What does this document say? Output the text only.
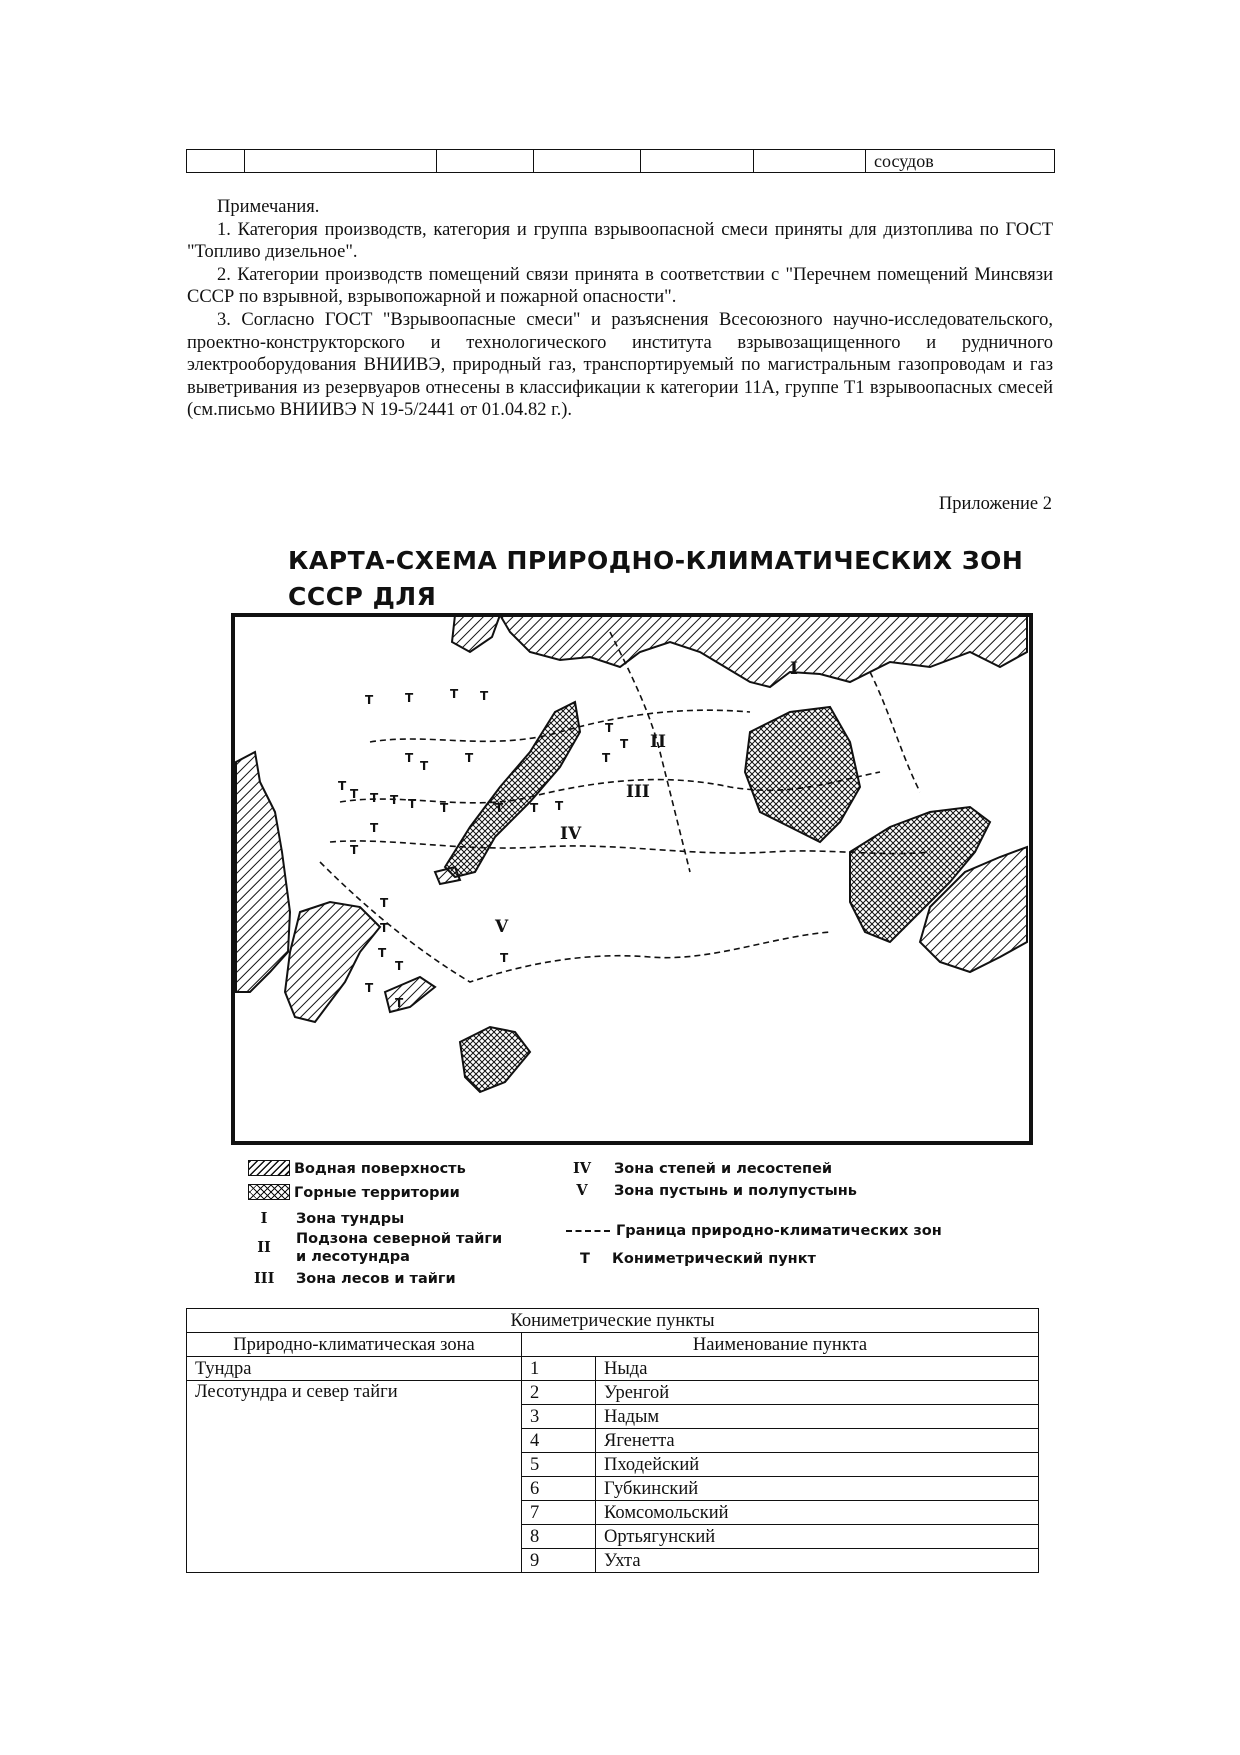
						сосудов

Примечания.

1. Категория производств, категория и группа взрывоопасной смеси приняты для дизтоплива по ГОСТ "Топливо дизельное".

2. Категории производств помещений связи принята в соответствии с "Перечнем помещений Минсвязи СССР по взрывной, взрывопожарной и пожарной опасности".

3. Согласно ГОСТ "Взрывоопасные смеси" и разъяснения Всесоюзного научно-исследовательского, проектно-конструкторского и технологического института взрывозащищенного и рудничного электрооборудования ВНИИВЭ, природный газ, транспортируемый по магистральным газопроводам и газ выветривания из резервуаров отнесены в классификации к категории 11А, группе Т1 взрывоопасных смесей (см.письмо ВНИИВЭ N 19-5/2441 от 01.04.82 г.).

Приложение 2
КАРТА-СХЕМА ПРИРОДНО-КЛИМАТИЧЕСКИХ ЗОН СССР ДЛЯ
I
II
III
IV
V
Т	Т	Т Т
Т
Т
Т
Т
Т Т Т Т Т
Т
Т
Т Т Т
Т
Т
Т
Т
Т
Т
Т
Т
Т
Т
Водная поверхность
Горные территории
I	Зона тундры
II Подзона северной тайги
и лесотундра
III Зона лесов и тайги
IV Зона степей и лесостепей
V	Зона пустынь и полупустынь
Граница природно-климатических зон
Т	Кониметрический пункт
Кониметрические пункты		
Природно-климатическая зона	Наименование пункта	
Тундра	1	Ныда
Лесотундра и север тайги	2	Уренгой
	3	Надым
	4	Ягенетта
	5	Пходейский
	6	Губкинский
	7	Комсомольский
	8	Ортьягунский
	9	Ухта
